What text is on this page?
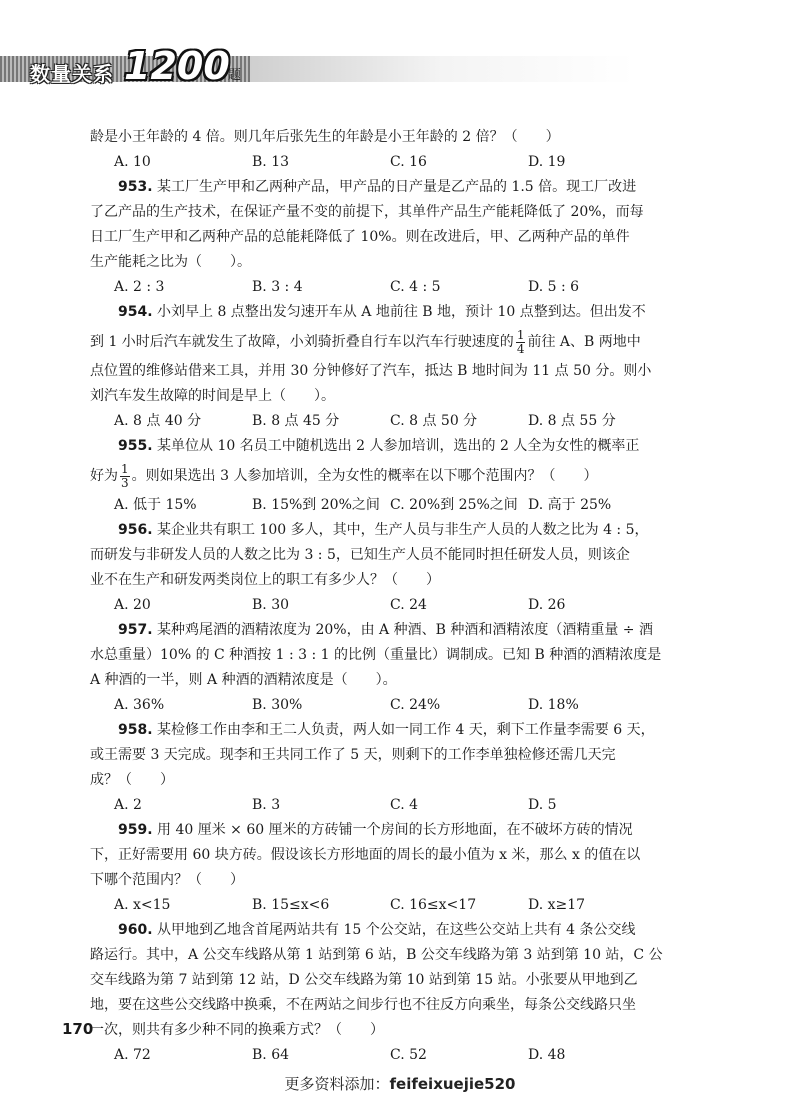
数量关系 1200
题
龄是小王年龄的 4 倍。则几年后张先生的年龄是小王年龄的 2 倍？（　　）
A. 10	B. 13	C. 16	D. 19
953. 某工厂生产甲和乙两种产品，甲产品的日产量是乙产品的 1.5 倍。现工厂改进
了乙产品的生产技术，在保证产量不变的前提下，其单件产品生产能耗降低了 20%，而每
日工厂生产甲和乙两种产品的总能耗降低了 10%。则在改进后，甲、乙两种产品的单件
生产能耗之比为（　　）。
A. 2 : 3	B. 3 : 4	C. 4 : 5	D. 5 : 6
954. 小刘早上 8 点整出发匀速开车从 A 地前往 B 地，预计 10 点整到达。但出发不
到 1 小时后汽车就发生了故障，小刘骑折叠自行车以汽车行驶速度的 $\frac{1}{4}$ 前往 A、B 两地中
点位置的维修站借来工具，并用 30 分钟修好了汽车，抵达 B 地时间为 11 点 50 分。则小
刘汽车发生故障的时间是早上（　　）。
A. 8 点 40 分	B. 8 点 45 分	C. 8 点 50 分	D. 8 点 55 分
955. 某单位从 10 名员工中随机选出 2 人参加培训，选出的 2 人全为女性的概率正
好为 $\frac{1}{3}$ 。则如果选出 3 人参加培训，全为女性的概率在以下哪个范围内？（　　）
A. 低于 15%	B. 15%到 20%之间 C. 20%到 25%之间 D. 高于 25%
956. 某企业共有职工 100 多人，其中，生产人员与非生产人员的人数之比为 4 : 5，
而研发与非研发人员的人数之比为 3 : 5，已知生产人员不能同时担任研发人员，则该企
业不在生产和研发两类岗位上的职工有多少人？（　　）
A. 20	B. 30	C. 24	D. 26
957. 某种鸡尾酒的酒精浓度为 20%，由 A 种酒、B 种酒和酒精浓度（酒精重量 ÷ 酒
水总重量）10% 的 C 种酒按 1 : 3 : 1 的比例（重量比）调制成。已知 B 种酒的酒精浓度是
A 种酒的一半，则 A 种酒的酒精浓度是（　　）。
A. 36%	B. 30%	C. 24%	D. 18%
958. 某检修工作由李和王二人负责，两人如一同工作 4 天，剩下工作量李需要 6 天，
或王需要 3 天完成。现李和王共同工作了 5 天，则剩下的工作李单独检修还需几天完
成？（　　）
A. 2	B. 3	C. 4	D. 5
959. 用 40 厘米 × 60 厘米的方砖铺一个房间的长方形地面，在不破坏方砖的情况
下，正好需要用 60 块方砖。假设该长方形地面的周长的最小值为 x 米，那么 x 的值在以
下哪个范围内？（　　）
A. x<15	B. 15≤x<6	C. 16≤x<17	D. x≥17
960. 从甲地到乙地含首尾两站共有 15 个公交站，在这些公交站上共有 4 条公交线
路运行。其中，A 公交车线路从第 1 站到第 6 站，B 公交车线路为第 3 站到第 10 站，C 公
交车线路为第 7 站到第 12 站，D 公交车线路为第 10 站到第 15 站。小张要从甲地到乙
地，要在这些公交线路中换乘，不在两站之间步行也不往反方向乘坐，每条公交线路只坐
一次，则共有多少种不同的换乘方式？（　　）
A. 72	B. 64	C. 52	D. 48
170
更多资料添加：feifeixuejie520
